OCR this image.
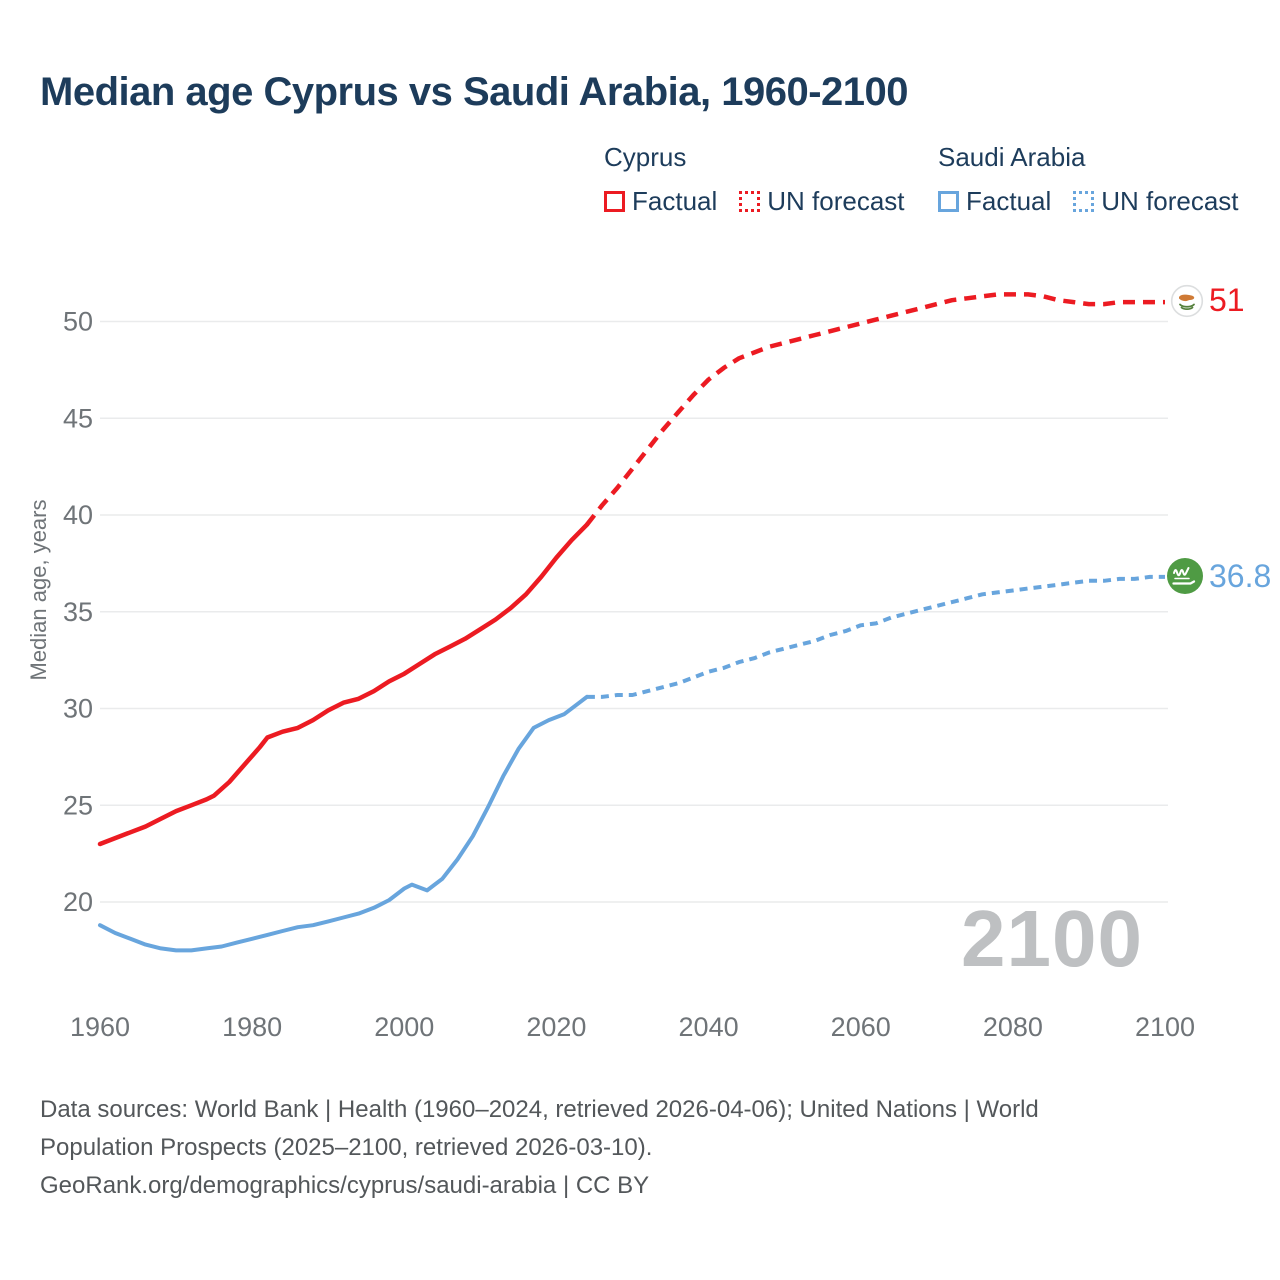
2100
20
25
30
35
40
45
50
1960	1980	2000	2020	2040	2060	2080	2100
Median age, years
Median age Cyprus vs Saudi Arabia, 1960-2100
Cyprus
Factual UN forecast
Saudi Arabia
Factual UN forecast
51
36.8
Data sources: World Bank | Health (1960–2024, retrieved 2026-04-06); United Nations | World
Population Prospects (2025–2100, retrieved 2026-03-10).
GeoRank.org/demographics/cyprus/saudi-arabia | CC BY
